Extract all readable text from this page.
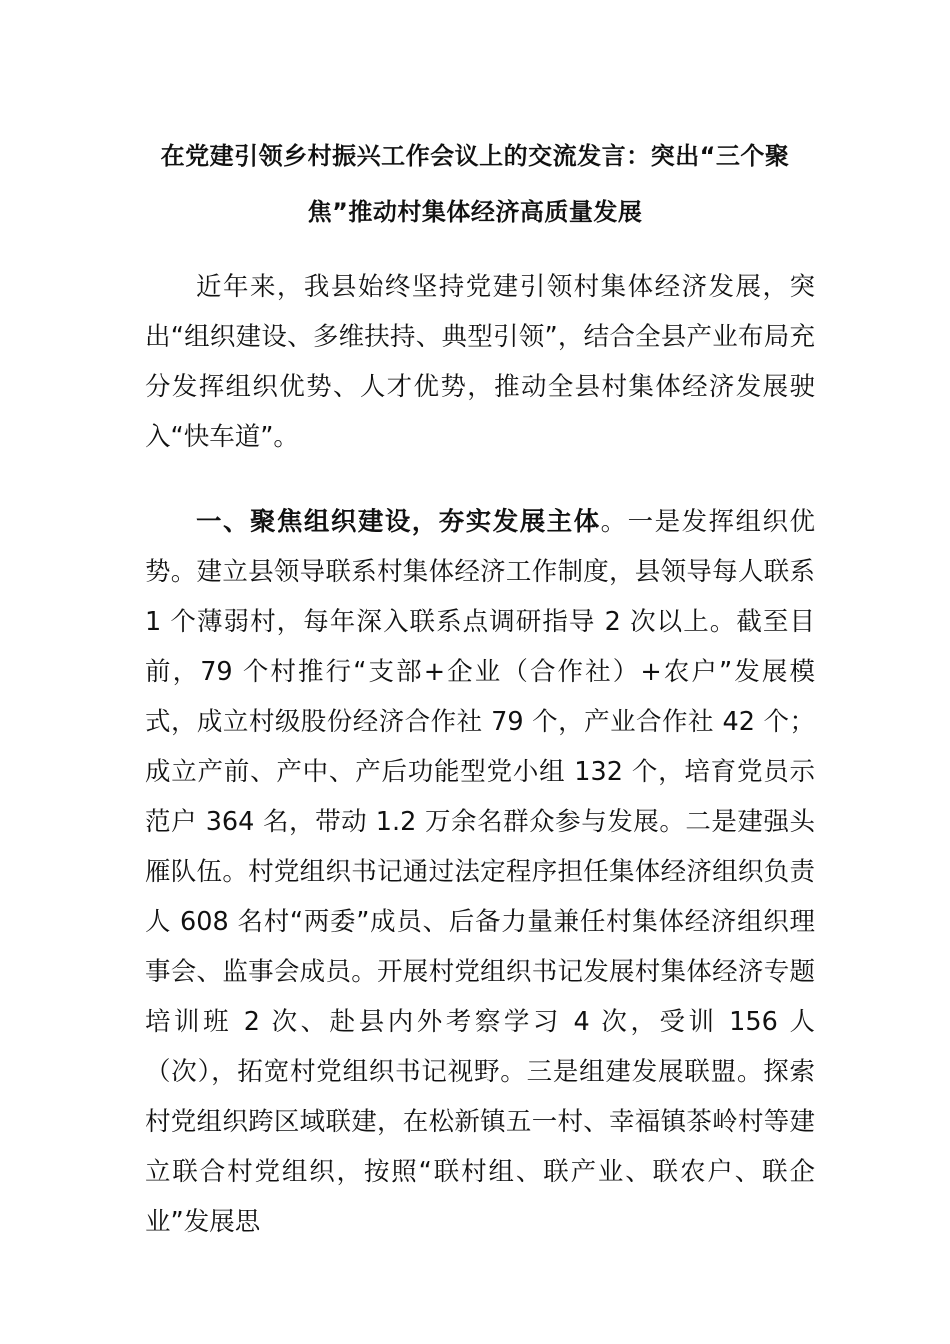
在党建引领乡村振兴工作会议上的交流发言：突出“三个聚焦”推动村集体经济高质量发展

近年来，我县始终坚持党建引领村集体经济发展，突出“组织建设、多维扶持、典型引领”，结合全县产业布局充分发挥组织优势、人才优势，推动全县村集体经济发展驶入“快车道”。

一、聚焦组织建设，夯实发展主体。一是发挥组织优势。建立县领导联系村集体经济工作制度，县领导每人联系 1 个薄弱村，每年深入联系点调研指导 2 次以上。截至目前，79 个村推行“支部+企业（合作社）+农户”发展模式，成立村级股份经济合作社 79 个，产业合作社 42 个；成立产前、产中、产后功能型党小组 132 个，培育党员示范户 364 名，带动 1.2 万余名群众参与发展。二是建强头雁队伍。村党组织书记通过法定程序担任集体经济组织负责人 608 名村“两委”成员、后备力量兼任村集体经济组织理事会、监事会成员。开展村党组织书记发展村集体经济专题培训班 2 次、赴县内外考察学习 4 次，受训 156 人（次），拓宽村党组织书记视野。三是组建发展联盟。探索村党组织跨区域联建，在松新镇五一村、幸福镇茶岭村等建立联合村党组织，按照“联村组、联产业、联农户、联企业”发展思
